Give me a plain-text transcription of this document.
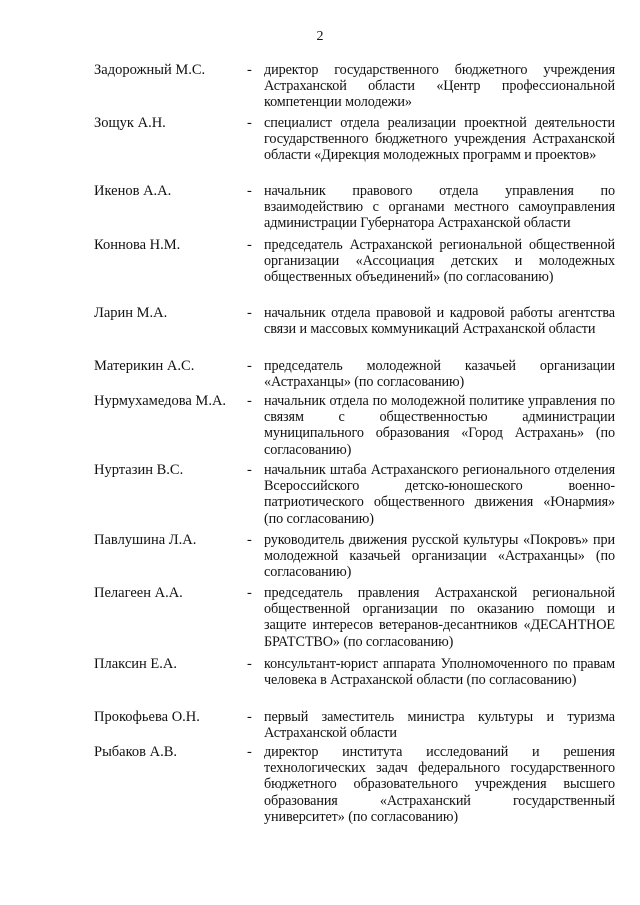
2
Задорожный М.С.	- директор государственного бюджетного учреждения Астраханской области «Центр профессиональной компетенции молодежи»
Зощук А.Н.	- специалист отдела реализации проектной деятельности государственного бюджетного учреждения Астраханской области «Дирекция молодежных программ и проектов»
Икенов А.А.	- начальник правового отдела управления по взаимодействию с органами местного самоуправления администрации Губернатора Астраханской области
Коннова Н.М.	- председатель Астраханской региональной общественной организации «Ассоциация детских и молодежных общественных объединений» (по согласованию)
Ларин М.А.	- начальник отдела правовой и кадровой работы агентства связи и массовых коммуникаций Астраханской области
Материкин А.С.	- председатель молодежной казачьей организации «Астраханцы» (по согласованию)
Нурмухамедова М.А. - начальник отдела по молодежной политике управления по связям с общественностью администрации муниципального образования «Город Астрахань» (по согласованию)
Нуртазин В.С.	- начальник штаба Астраханского регионального отделения Всероссийского детско-юношеского военно-патриотического общественного движения «Юнармия» (по согласованию)
Павлушина Л.А.	- руководитель движения русской культуры «Покровъ» при молодежной казачьей организации «Астраханцы» (по согласованию)
Пелагеен А.А.	- председатель правления Астраханской региональной общественной организации по оказанию помощи и защите интересов ветеранов-десантников «ДЕСАНТНОЕ БРАТСТВО» (по согласованию)
Плаксин Е.А.	- консультант-юрист аппарата Уполномоченного по правам человека в Астраханской области (по согласованию)
Прокофьева О.Н.	- первый заместитель министра культуры и туризма Астраханской области
Рыбаков А.В.	- директор института исследований и решения технологических задач федерального государственного бюджетного образовательного учреждения высшего образования «Астраханский государственный университет» (по согласованию)
